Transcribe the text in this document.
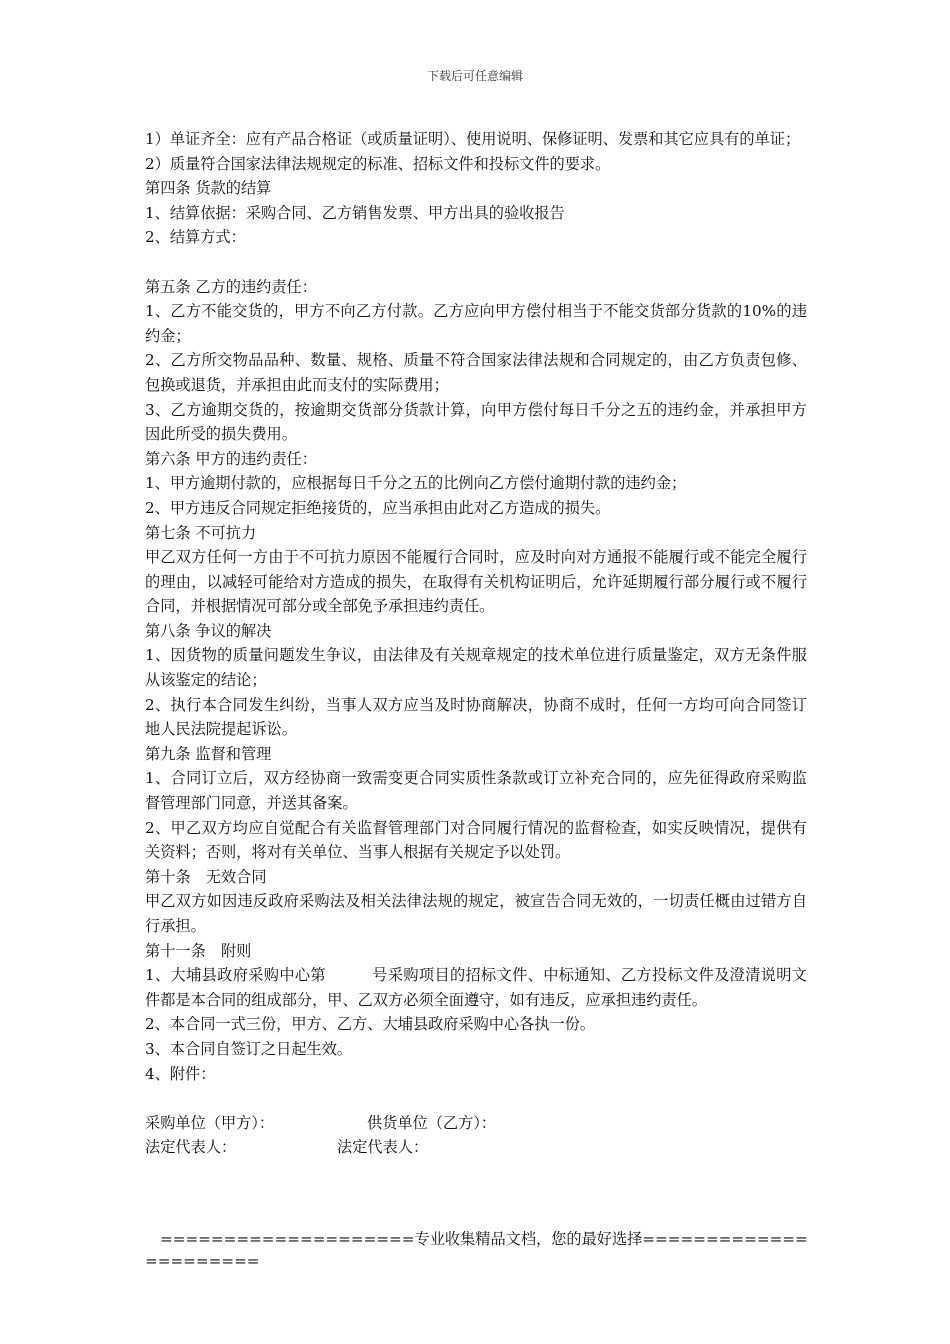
下载后可任意编辑

1）单证齐全：应有产品合格证（或质量证明）、使用说明、保修证明、发票和其它应具有的单证；

2）质量符合国家法律法规规定的标准、招标文件和投标文件的要求。

第四条 货款的结算

1、结算依据：采购合同、乙方销售发票、甲方出具的验收报告

2、结算方式：

第五条 乙方的违约责任：

1、乙方不能交货的，甲方不向乙方付款。乙方应向甲方偿付相当于不能交货部分货款的10%的违约金；

2、乙方所交物品品种、数量、规格、质量不符合国家法律法规和合同规定的，由乙方负责包修、包换或退货，并承担由此而支付的实际费用；

3、乙方逾期交货的，按逾期交货部分货款计算，向甲方偿付每日千分之五的违约金，并承担甲方因此所受的损失费用。

第六条 甲方的违约责任：

1、甲方逾期付款的，应根据每日千分之五的比例向乙方偿付逾期付款的违约金；

2、甲方违反合同规定拒绝接货的，应当承担由此对乙方造成的损失。

第七条 不可抗力

甲乙双方任何一方由于不可抗力原因不能履行合同时，应及时向对方通报不能履行或不能完全履行的理由，以减轻可能给对方造成的损失，在取得有关机构证明后，允许延期履行部分履行或不履行合同，并根据情况可部分或全部免予承担违约责任。

第八条 争议的解决

1、因货物的质量问题发生争议，由法律及有关规章规定的技术单位进行质量鉴定，双方无条件服从该鉴定的结论；

2、执行本合同发生纠纷，当事人双方应当及时协商解决，协商不成时，任何一方均可向合同签订地人民法院提起诉讼。

第九条 监督和管理

1、合同订立后，双方经协商一致需变更合同实质性条款或订立补充合同的，应先征得政府采购监督管理部门同意，并送其备案。

2、甲乙双方均应自觉配合有关监督管理部门对合同履行情况的监督检查，如实反映情况，提供有关资料；否则，将对有关单位、当事人根据有关规定予以处罚。

第十条　无效合同

甲乙双方如因违反政府采购法及相关法律法规的规定，被宣告合同无效的，一切责任概由过错方自行承担。

第十一条　附则

1、大埔县政府采购中心第	号采购项目的招标文件、中标通知、乙方投标文件及澄清说明文件都是本合同的组成部分，甲、乙双方必须全面遵守，如有违反，应承担违约责任。

2、本合同一式三份，甲方、乙方、大埔县政府采购中心各执一份。

3、本合同自签订之日起生效。

4、附件：

采购单位（甲方）：	供货单位（乙方）：
法定代表人：	法定代表人：
====================专业收集精品文档，您的最好选择======================
